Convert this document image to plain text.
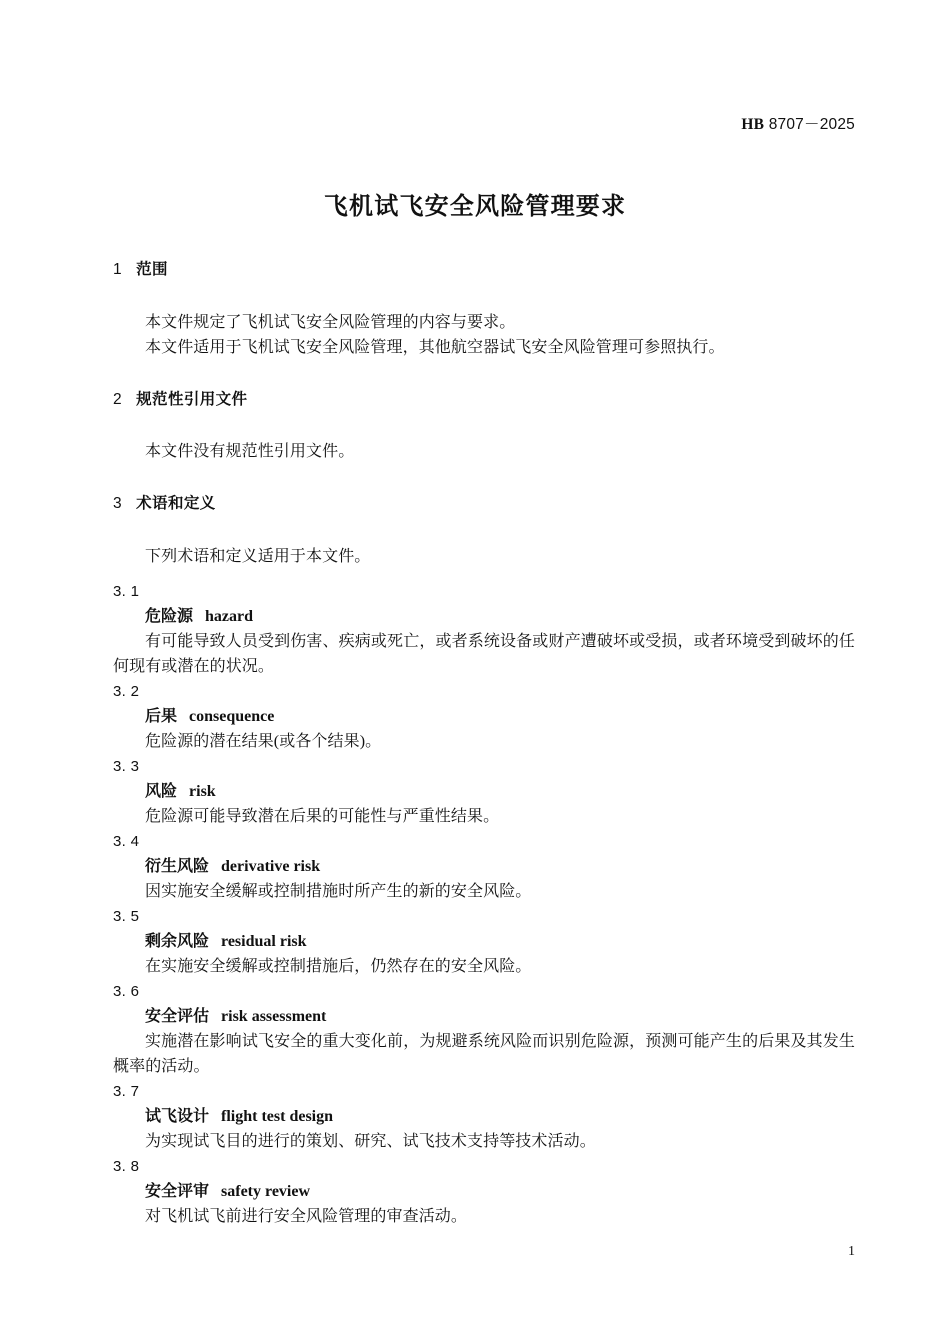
HB 8707－2025
飞机试飞安全风险管理要求
1 范围

本文件规定了飞机试飞安全风险管理的内容与要求。

本文件适用于飞机试飞安全风险管理，其他航空器试飞安全风险管理可参照执行。

2 规范性引用文件

本文件没有规范性引用文件。

3 术语和定义

下列术语和定义适用于本文件。

3. 1
危险源 hazard
有可能导致人员受到伤害、疾病或死亡，或者系统设备或财产遭破坏或受损，或者环境受到破坏的任何现有或潜在的状况。
3. 2
后果 consequence
危险源的潜在结果(或各个结果)。
3. 3
风险 risk
危险源可能导致潜在后果的可能性与严重性结果。
3. 4
衍生风险 derivative risk
因实施安全缓解或控制措施时所产生的新的安全风险。
3. 5
剩余风险 residual risk
在实施安全缓解或控制措施后，仍然存在的安全风险。
3. 6
安全评估 risk assessment
实施潜在影响试飞安全的重大变化前，为规避系统风险而识别危险源，预测可能产生的后果及其发生概率的活动。
3. 7
试飞设计 flight test design
为实现试飞目的进行的策划、研究、试飞技术支持等技术活动。
3. 8
安全评审 safety review
对飞机试飞前进行安全风险管理的审查活动。
1
